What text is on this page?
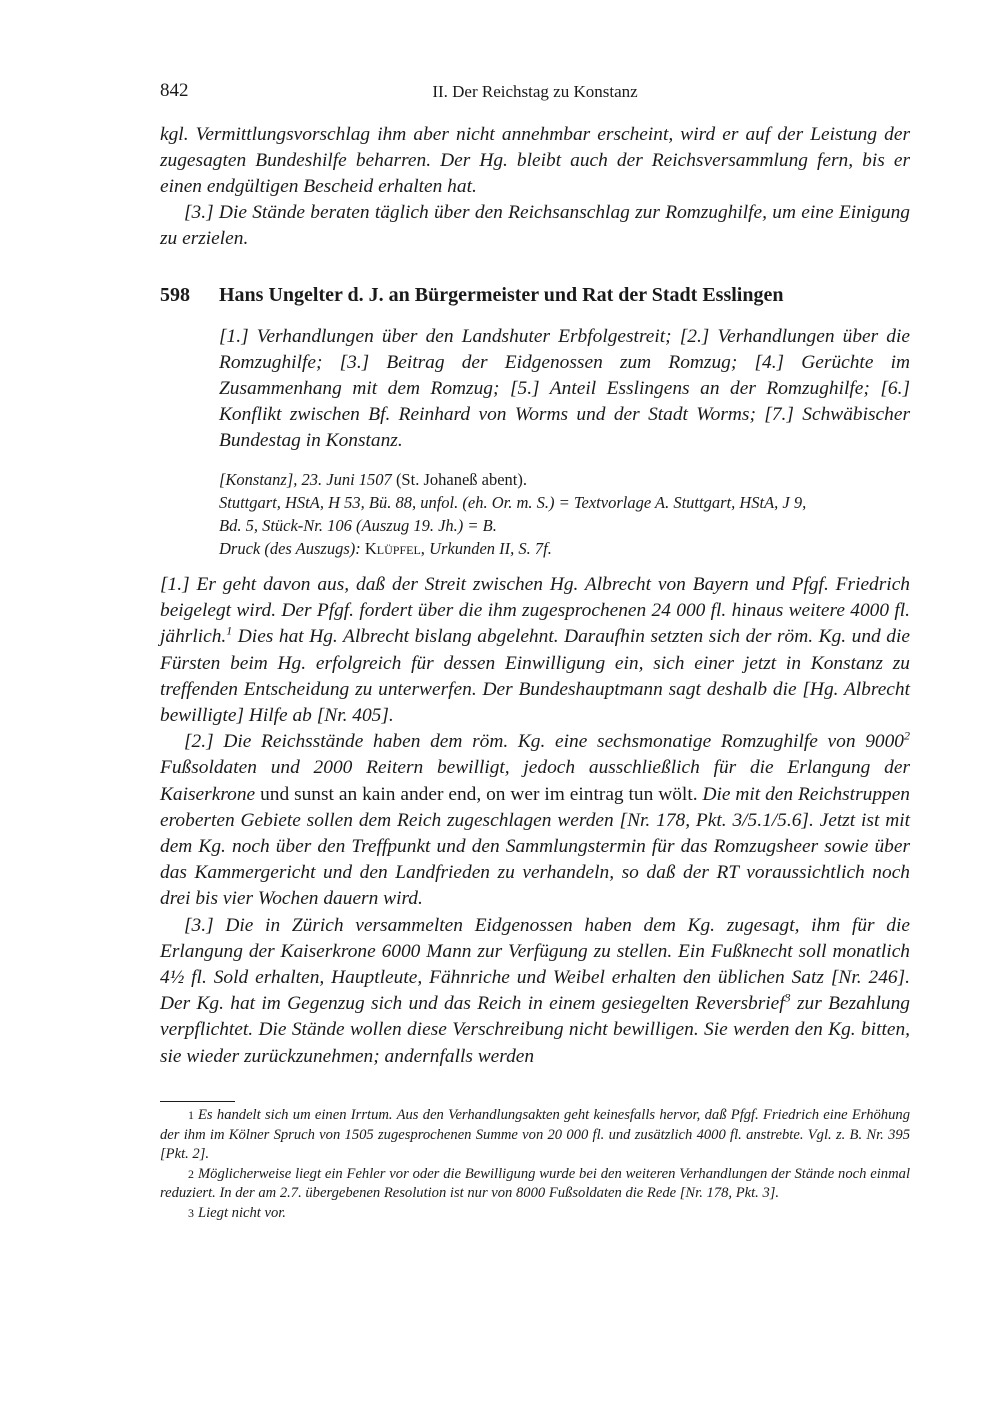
842	II. Der Reichstag zu Konstanz

kgl. Vermittlungsvorschlag ihm aber nicht annehmbar erscheint, wird er auf der Leistung der zugesagten Bundeshilfe beharren. Der Hg. bleibt auch der Reichsversammlung fern, bis er einen endgültigen Bescheid erhalten hat.

[3.] Die Stände beraten täglich über den Reichsanschlag zur Romzughilfe, um eine Einigung zu erzielen.

598 Hans Ungelter d. J. an Bürgermeister und Rat der Stadt Esslingen

[1.] Verhandlungen über den Landshuter Erbfolgestreit; [2.] Verhandlungen über die Romzughilfe; [3.] Beitrag der Eidgenossen zum Romzug; [4.] Gerüchte im Zusammenhang mit dem Romzug; [5.] Anteil Esslingens an der Romzughilfe; [6.] Konflikt zwischen Bf. Reinhard von Worms und der Stadt Worms; [7.] Schwäbischer Bundestag in Konstanz.

[Konstanz], 23. Juni 1507 (St. Johaneß abent).
Stuttgart, HStA, H 53, Bü. 88, unfol. (eh. Or. m. S.) = Textvorlage A. Stuttgart, HStA, J 9,
Bd. 5, Stück-Nr. 106 (Auszug 19. Jh.) = B.
Druck (des Auszugs): Klüpfel, Urkunden II, S. 7f.

[1.] Er geht davon aus, daß der Streit zwischen Hg. Albrecht von Bayern und Pfgf. Friedrich beigelegt wird. Der Pfgf. fordert über die ihm zugesprochenen 24 000 fl. hinaus weitere 4000 fl. jährlich.$^1$ Dies hat Hg. Albrecht bislang abgelehnt. Daraufhin setzten sich der röm. Kg. und die Fürsten beim Hg. erfolgreich für dessen Einwilligung ein, sich einer jetzt in Konstanz zu treffenden Entscheidung zu unterwerfen. Der Bundeshauptmann sagt deshalb die [Hg. Albrecht bewilligte] Hilfe ab [Nr. 405].

[2.] Die Reichsstände haben dem röm. Kg. eine sechsmonatige Romzughilfe von 9000$^2$ Fußsoldaten und 2000 Reitern bewilligt, jedoch ausschließlich für die Erlangung der Kaiserkrone und sunst an kain ander end, on wer im eintrag tun wölt. Die mit den Reichstruppen eroberten Gebiete sollen dem Reich zugeschlagen werden [Nr. 178, Pkt. 3/5.1/5.6]. Jetzt ist mit dem Kg. noch über den Treffpunkt und den Sammlungstermin für das Romzugsheer sowie über das Kammergericht und den Landfrieden zu verhandeln, so daß der RT voraussichtlich noch drei bis vier Wochen dauern wird.

[3.] Die in Zürich versammelten Eidgenossen haben dem Kg. zugesagt, ihm für die Erlangung der Kaiserkrone 6000 Mann zur Verfügung zu stellen. Ein Fußknecht soll monatlich 4½ fl. Sold erhalten, Hauptleute, Fähnriche und Weibel erhalten den üblichen Satz [Nr. 246]. Der Kg. hat im Gegenzug sich und das Reich in einem gesiegelten Reversbrief$^3$ zur Bezahlung verpflichtet. Die Stände wollen diese Verschreibung nicht bewilligen. Sie werden den Kg. bitten, sie wieder zurückzunehmen; andernfalls werden

1 Es handelt sich um einen Irrtum. Aus den Verhandlungsakten geht keinesfalls hervor, daß Pfgf. Friedrich eine Erhöhung der ihm im Kölner Spruch von 1505 zugesprochenen Summe von 20 000 fl. und zusätzlich 4000 fl. anstrebte. Vgl. z. B. Nr. 395 [Pkt. 2].

2 Möglicherweise liegt ein Fehler vor oder die Bewilligung wurde bei den weiteren Verhandlungen der Stände noch einmal reduziert. In der am 2.7. übergebenen Resolution ist nur von 8000 Fußsoldaten die Rede [Nr. 178, Pkt. 3].

3 Liegt nicht vor.
